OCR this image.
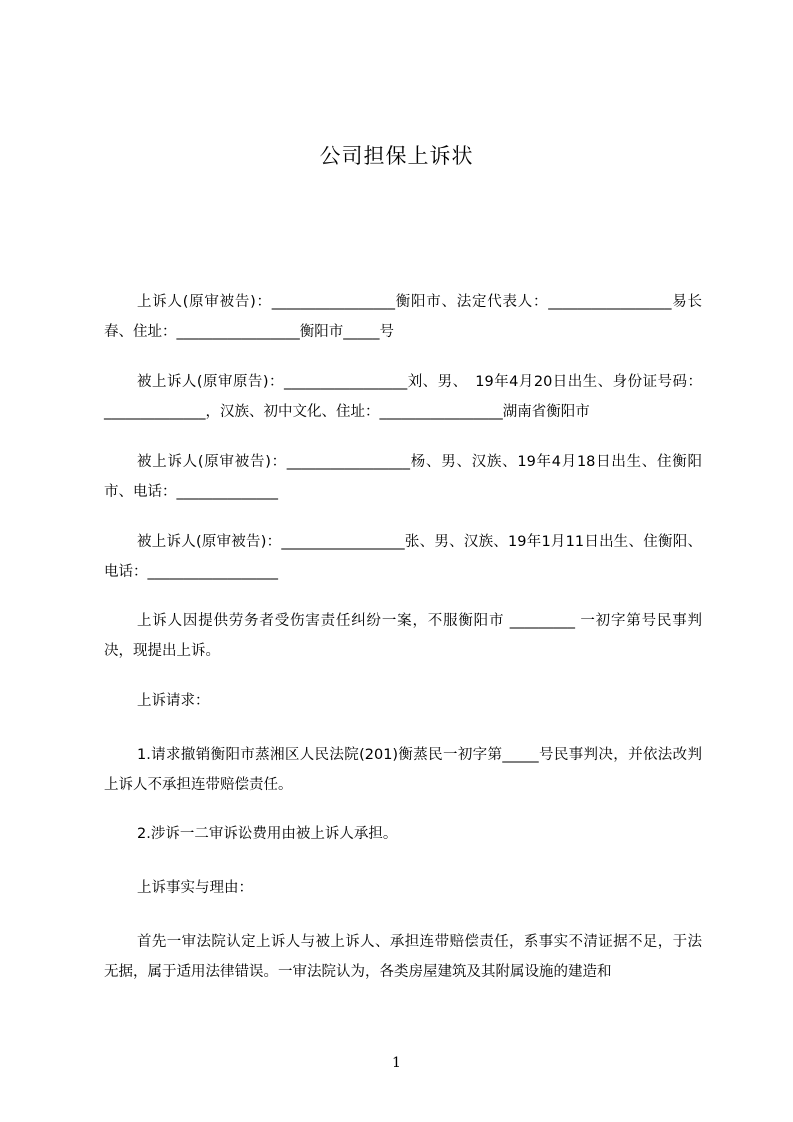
公司担保上诉状
上诉人(原审被告)：_________________衡阳市、法定代表人：_________________易长春、住址：_________________衡阳市_____号
被上诉人(原审原告)：_________________刘、男、　19年4月20日出生、身份证号码：______________，汉族、初中文化、住址：_________________湖南省衡阳市
被上诉人(原审被告)：_________________杨、男、汉族、19年4月18日出生、住衡阳市、电话：______________
被上诉人(原审被告)：_________________张、男、汉族、19年1月11日出生、住衡阳、电话：__________________
上诉人因提供劳务者受伤害责任纠纷一案，不服衡阳市 _________ 一初字第号民事判决，现提出上诉。
上诉请求：
1.请求撤销衡阳市蒸湘区人民法院(201)衡蒸民一初字第_____号民事判决，并依法改判上诉人不承担连带赔偿责任。
2.涉诉一二审诉讼费用由被上诉人承担。
上诉事实与理由：
首先一审法院认定上诉人与被上诉人、承担连带赔偿责任，系事实不清证据不足，于法无据，属于适用法律错误。一审法院认为，各类房屋建筑及其附属设施的建造和
1
